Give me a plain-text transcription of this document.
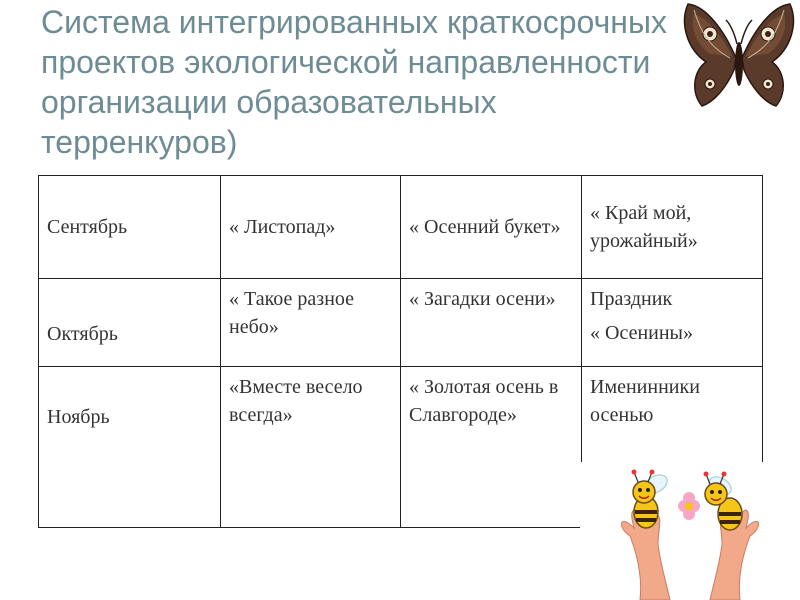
Система интегрированных краткосрочных
проектов экологической направленности
организации образовательных
терренкуров)
Сентябрь	« Листопад»	« Осенний букет»	« Край мой, урожайный»
Октябрь	« Такое разное небо»	« Загадки осени»	Праздник
« Осенины»

Ноябрь	«Вместе весело всегда»	« Золотая осень в Славгороде»	Именинники осенью
